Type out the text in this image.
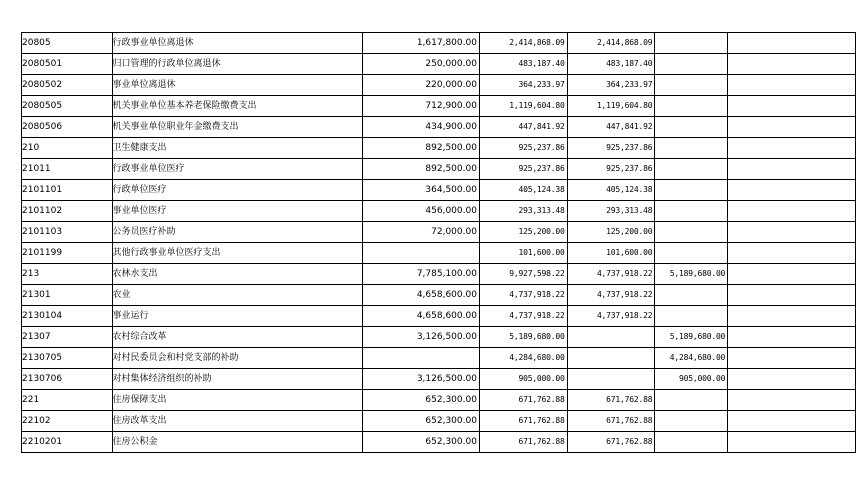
20805	行政事业单位离退休	1,617,800.00	2,414,868.09	2,414,868.09		
2080501	归口管理的行政单位离退休	250,000.00	483,187.40	483,187.40		
2080502	事业单位离退休	220,000.00	364,233.97	364,233.97		
2080505	机关事业单位基本养老保险缴费支出	712,900.00	1,119,604.80	1,119,604.80		
2080506	机关事业单位职业年金缴费支出	434,900.00	447,841.92	447,841.92		
210	卫生健康支出	892,500.00	925,237.86	925,237.86		
21011	行政事业单位医疗	892,500.00	925,237.86	925,237.86		
2101101	行政单位医疗	364,500.00	405,124.38	405,124.38		
2101102	事业单位医疗	456,000.00	293,313.48	293,313.48		
2101103	公务员医疗补助	72,000.00	125,200.00	125,200.00		
2101199	其他行政事业单位医疗支出		101,600.00	101,600.00		
213	农林水支出	7,785,100.00	9,927,598.22	4,737,918.22	5,189,680.00	
21301	农业	4,658,600.00	4,737,918.22	4,737,918.22		
2130104	事业运行	4,658,600.00	4,737,918.22	4,737,918.22		
21307	农村综合改革	3,126,500.00	5,189,680.00		5,189,680.00	
2130705	对村民委员会和村党支部的补助		4,284,680.00		4,284,680.00	
2130706	对村集体经济组织的补助	3,126,500.00	905,000.00		905,000.00	
221	住房保障支出	652,300.00	671,762.88	671,762.88		
22102	住房改革支出	652,300.00	671,762.88	671,762.88		
2210201	住房公积金	652,300.00	671,762.88	671,762.88		
